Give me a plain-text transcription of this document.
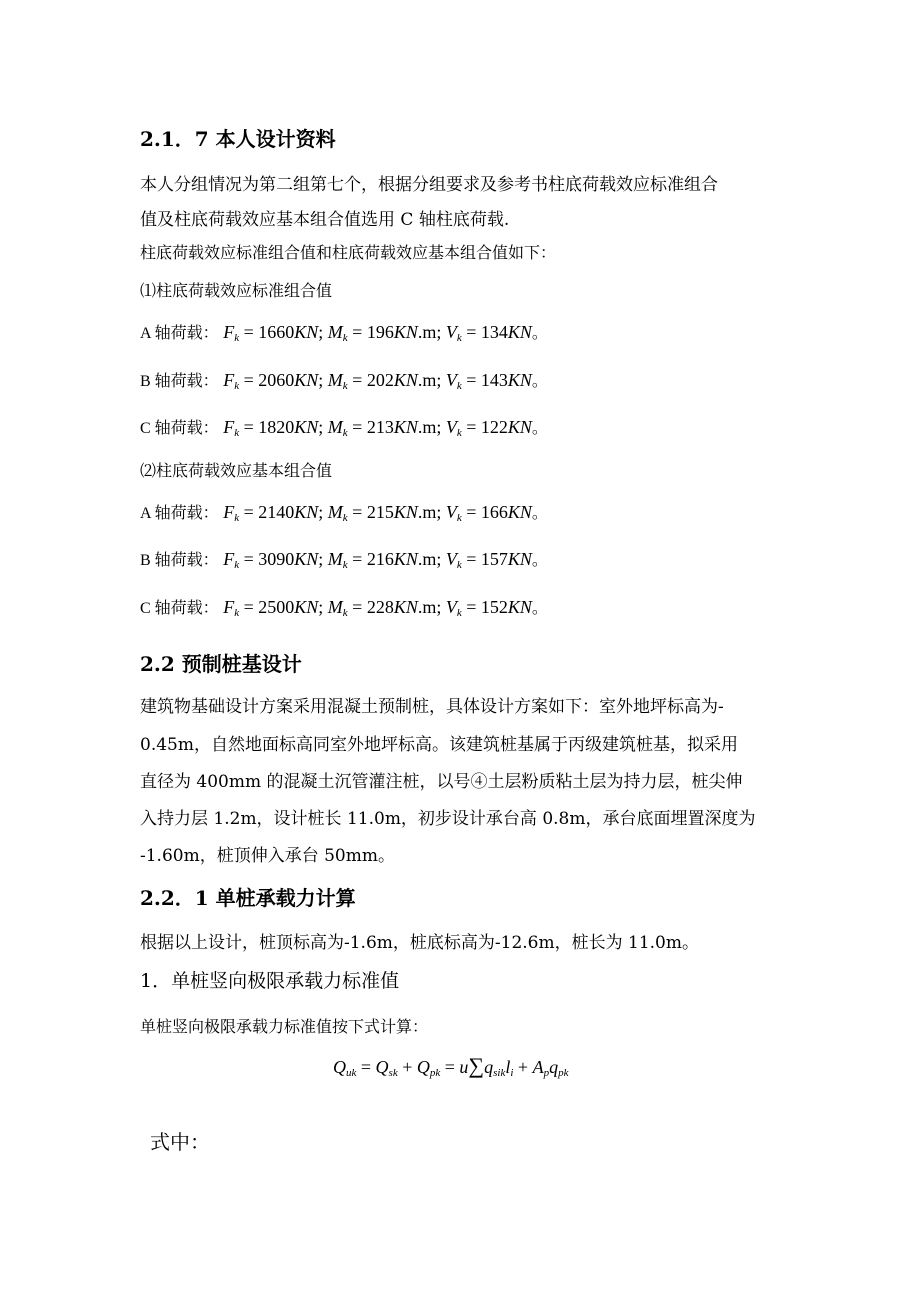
2.1．7 本人设计资料
本人分组情况为第二组第七个，根据分组要求及参考书柱底荷载效应标准组合
值及柱底荷载效应基本组合值选用 C 轴柱底荷载.
柱底荷载效应标准组合值和柱底荷载效应基本组合值如下：
⑴柱底荷载效应标准组合值
A 轴荷载： Fk = 1660KN; Mk = 196KN.m; Vk = 134KN。
B 轴荷载： Fk = 2060KN; Mk = 202KN.m; Vk = 143KN。
C 轴荷载： Fk = 1820KN; Mk = 213KN.m; Vk = 122KN。
⑵柱底荷载效应基本组合值
A 轴荷载： Fk = 2140KN; Mk = 215KN.m; Vk = 166KN。
B 轴荷载： Fk = 3090KN; Mk = 216KN.m; Vk = 157KN。
C 轴荷载： Fk = 2500KN; Mk = 228KN.m; Vk = 152KN。
2.2 预制桩基设计
建筑物基础设计方案采用混凝土预制桩，具体设计方案如下：室外地坪标高为-
0.45m，自然地面标高同室外地坪标高。该建筑桩基属于丙级建筑桩基，拟采用
直径为 400mm 的混凝土沉管灌注桩，以号④土层粉质粘土层为持力层，桩尖伸
入持力层 1.2m，设计桩长 11.0m，初步设计承台高 0.8m，承台底面埋置深度为
-1.60m，桩顶伸入承台 50mm。
2.2．1 单桩承载力计算
根据以上设计，桩顶标高为-1.6m，桩底标高为-12.6m，桩长为 11.0m。
1．单桩竖向极限承载力标准值
单桩竖向极限承载力标准值按下式计算：
Quk = Qsk + Qpk = u∑qsikli + Apqpk
式中：
